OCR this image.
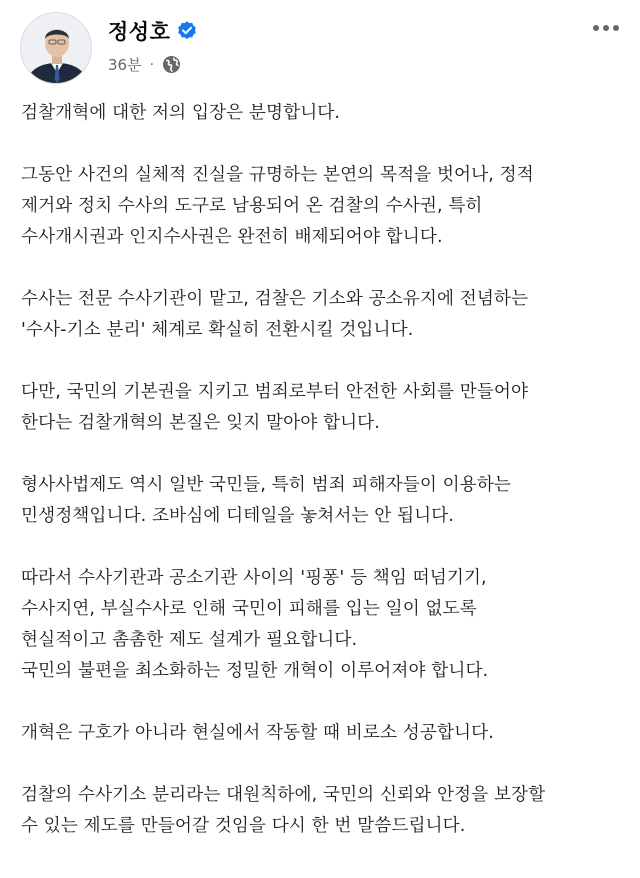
정성호
36분 ·
검찰개혁에 대한 저의 입장은 분명합니다.
그동안 사건의 실체적 진실을 규명하는 본연의 목적을 벗어나, 정적
제거와 정치 수사의 도구로 남용되어 온 검찰의 수사권, 특히
수사개시권과 인지수사권은 완전히 배제되어야 합니다.
수사는 전문 수사기관이 맡고, 검찰은 기소와 공소유지에 전념하는
'수사-기소 분리' 체계로 확실히 전환시킬 것입니다.
다만, 국민의 기본권을 지키고 범죄로부터 안전한 사회를 만들어야
한다는 검찰개혁의 본질은 잊지 말아야 합니다.
형사사법제도 역시 일반 국민들, 특히 범죄 피해자들이 이용하는
민생정책입니다. 조바심에 디테일을 놓쳐서는 안 됩니다.
따라서 수사기관과 공소기관 사이의 '핑퐁' 등 책임 떠넘기기,
수사지연, 부실수사로 인해 국민이 피해를 입는 일이 없도록
현실적이고 촘촘한 제도 설계가 필요합니다.
국민의 불편을 최소화하는 정밀한 개혁이 이루어져야 합니다.
개혁은 구호가 아니라 현실에서 작동할 때 비로소 성공합니다.
검찰의 수사기소 분리라는 대원칙하에, 국민의 신뢰와 안정을 보장할
수 있는 제도를 만들어갈 것임을 다시 한 번 말씀드립니다.
